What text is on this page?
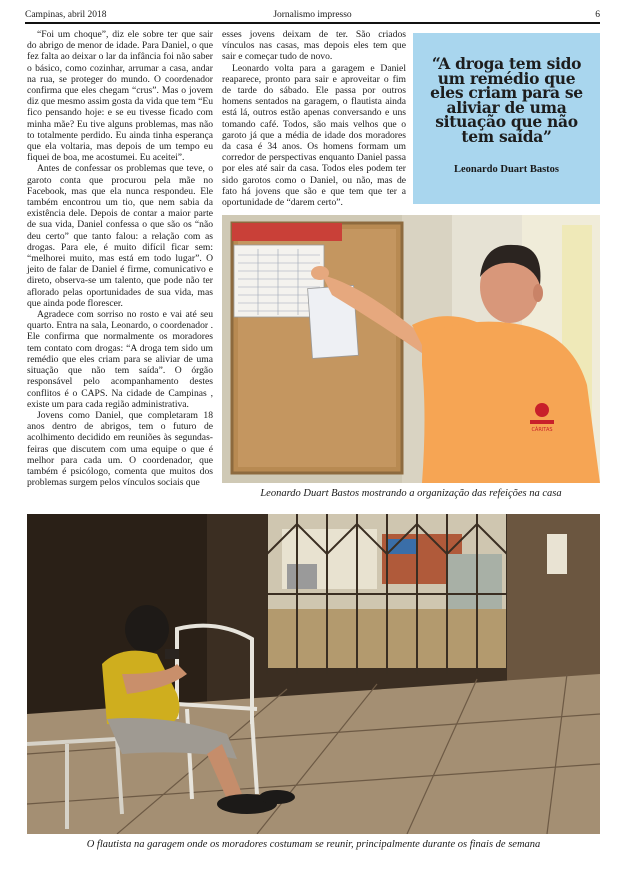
Campinas, abril 2018	Jornalismo impresso	6

“Foi um choque”, diz ele sobre ter que sair do abrigo de menor de idade. Para Daniel, o que fez falta ao deixar o lar da infância foi não saber o básico, como cozinhar, arrumar a casa, andar na rua, se proteger do mundo. O coordenador confirma que eles chegam “crus”. Mas o jovem diz que mesmo assim gosta da vida que tem “Eu fico pensando hoje: e se eu tivesse ficado com minha mãe? Eu tive alguns problemas, mas não to totalmente perdido. Eu ainda tinha esperança que ela voltaria, mas depois de um tempo eu fiquei de boa, me acostumei. Eu aceitei”.

Antes de confessar os problemas que teve, o garoto conta que procurou pela mãe no Facebook, mas que ela nunca respondeu. Ele também encontrou um tio, que nem sabia da existência dele. Depois de contar a maior parte de sua vida, Daniel confessa o que são os “não deu certo” que tanto falou: a relação com as drogas. Para ele, é muito difícil ficar sem: “melhorei muito, mas está em todo lugar”. O jeito de falar de Daniel é firme, comunicativo e direto, observa-se um talento, que pode não ter aflorado pelas oportunidades de sua vida, mas que ainda pode florescer.

Agradece com sorriso no rosto e vai até seu quarto. Entra na sala, Leonardo, o coordenador . Ele confirma que normalmente os moradores tem contato com drogas: “A droga tem sido um remédio que eles criam para se aliviar de uma situação que não tem saída”. O órgão responsável pelo acompanhamento destes conflitos é o CAPS. Na cidade de Campinas , existe um para cada região administrativa.

Jovens como Daniel, que completaram 18 anos dentro de abrigos, tem o futuro de acolhimento decidido em reuniões às segundas-feiras que discutem com uma equipe o que é melhor para cada um. O coordenador, que também é psicólogo, comenta que muitos dos problemas surgem pelos vínculos sociais que

esses jovens deixam de ter. São criados vínculos nas casas, mas depois eles tem que sair e começar tudo de novo.

Leonardo volta para a garagem e Daniel reaparece, pronto para sair e aproveitar o fim de tarde do sábado. Ele passa por outros homens sentados na garagem, o flautista ainda está lá, outros estão apenas conversando e uns tomando café. Todos, são mais velhos que o garoto já que a média de idade dos moradores da casa é 34 anos. Os homens formam um corredor de perspectivas enquanto Daniel passa por eles até sair da casa. Todos eles podem ter sido garotos como o Daniel, ou não, mas de fato há jovens que são e que tem que ter a oportunidade de “darem certo”.

“A droga tem sido um remédio que eles criam para se aliviar de uma situação que não tem saída”
Leonardo Duart Bastos
CÁRITAS
Leonardo Duart Bastos mostrando a organização das refeições na casa
O flautista na garagem onde os moradores costumam se reunir, principalmente durante os finais de semana
